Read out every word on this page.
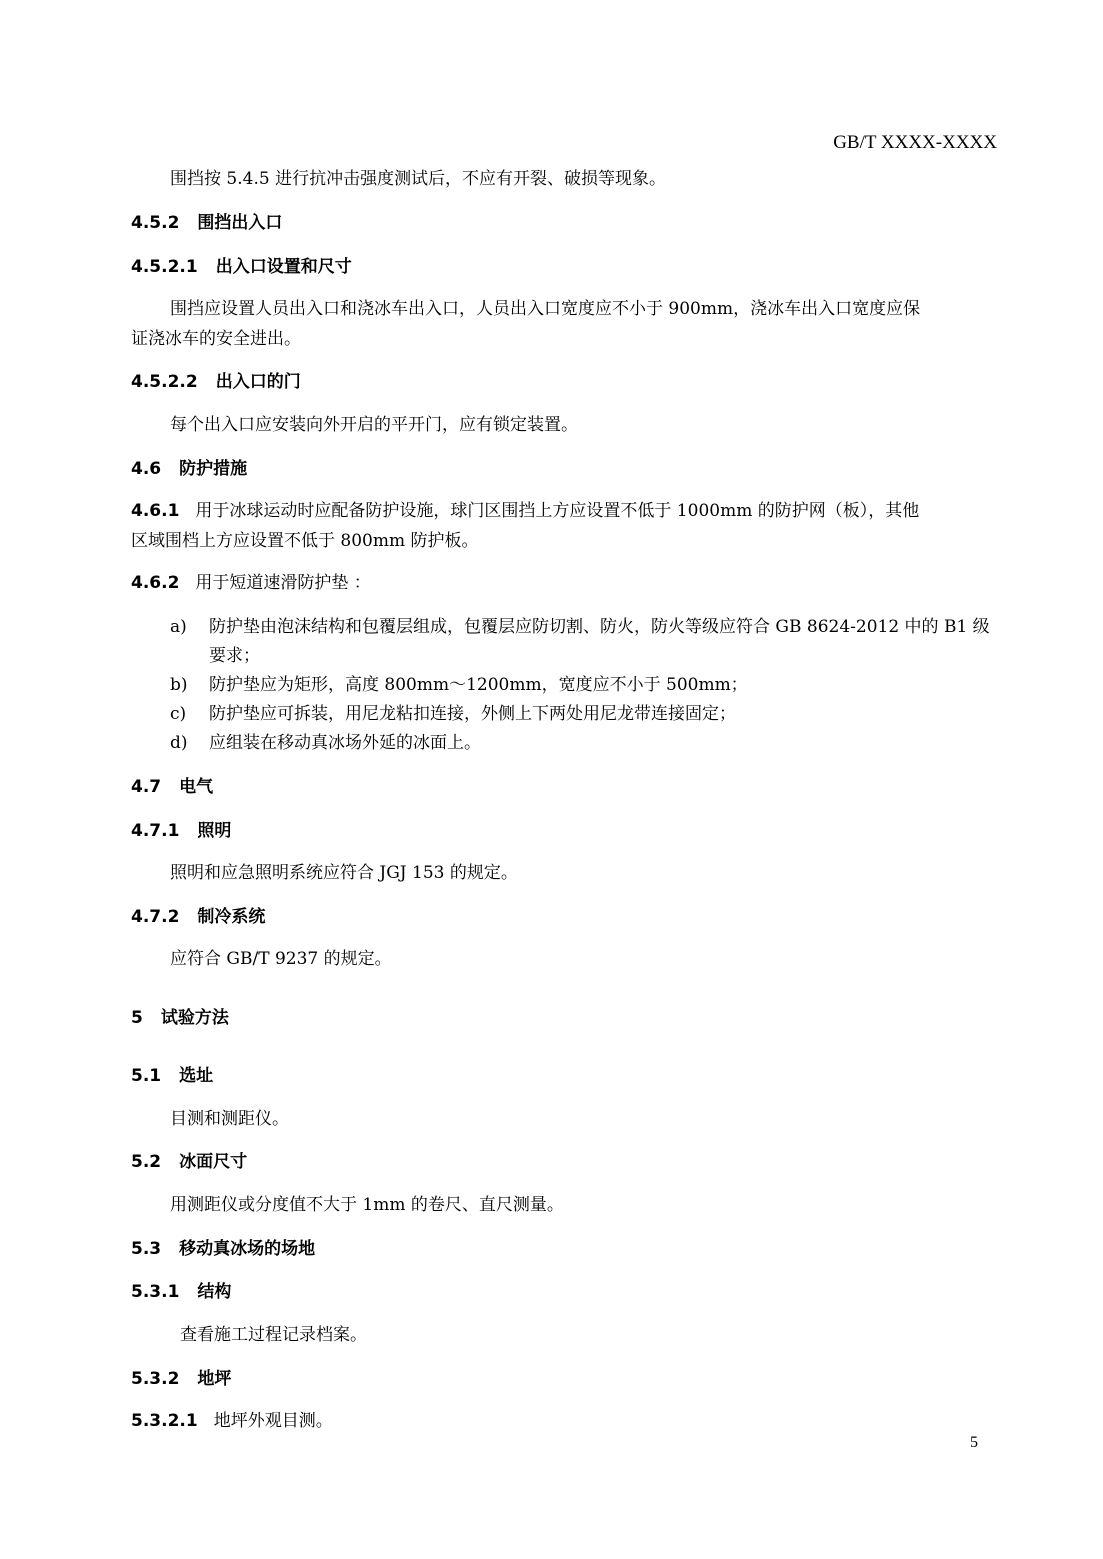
GB/T XXXX-XXXX
围挡按 5.4.5 进行抗冲击强度测试后，不应有开裂、破损等现象。
4.5.2 围挡出入口
4.5.2.1 出入口设置和尺寸
围挡应设置人员出入口和浇冰车出入口，人员出入口宽度应不小于 900mm，浇冰车出入口宽度应保
证浇冰车的安全进出。
4.5.2.2 出入口的门
每个出入口应安装向外开启的平开门，应有锁定装置。
4.6 防护措施
4.6.1 用于冰球运动时应配备防护设施，球门区围挡上方应设置不低于 1000mm 的防护网（板），其他
区域围档上方应设置不低于 800mm 防护板。
4.6.2 用于短道速滑防护垫 ：
a) 防护垫由泡沫结构和包覆层组成，包覆层应防切割、防火，防火等级应符合 GB 8624-2012 中的 B1 级要求；
b) 防护垫应为矩形，高度 800mm～1200mm，宽度应不小于 500mm；
c) 防护垫应可拆装，用尼龙粘扣连接，外侧上下两处用尼龙带连接固定；
d) 应组装在移动真冰场外延的冰面上。
4.7 电气
4.7.1 照明
照明和应急照明系统应符合 JGJ 153 的规定。
4.7.2 制冷系统
应符合 GB/T 9237 的规定。
5 试验方法
5.1 选址
目测和测距仪。
5.2 冰面尺寸
用测距仪或分度值不大于 1mm 的卷尺、直尺测量。
5.3 移动真冰场的场地
5.3.1 结构
查看施工过程记录档案。
5.3.2 地坪
5.3.2.1 地坪外观目测。
5
